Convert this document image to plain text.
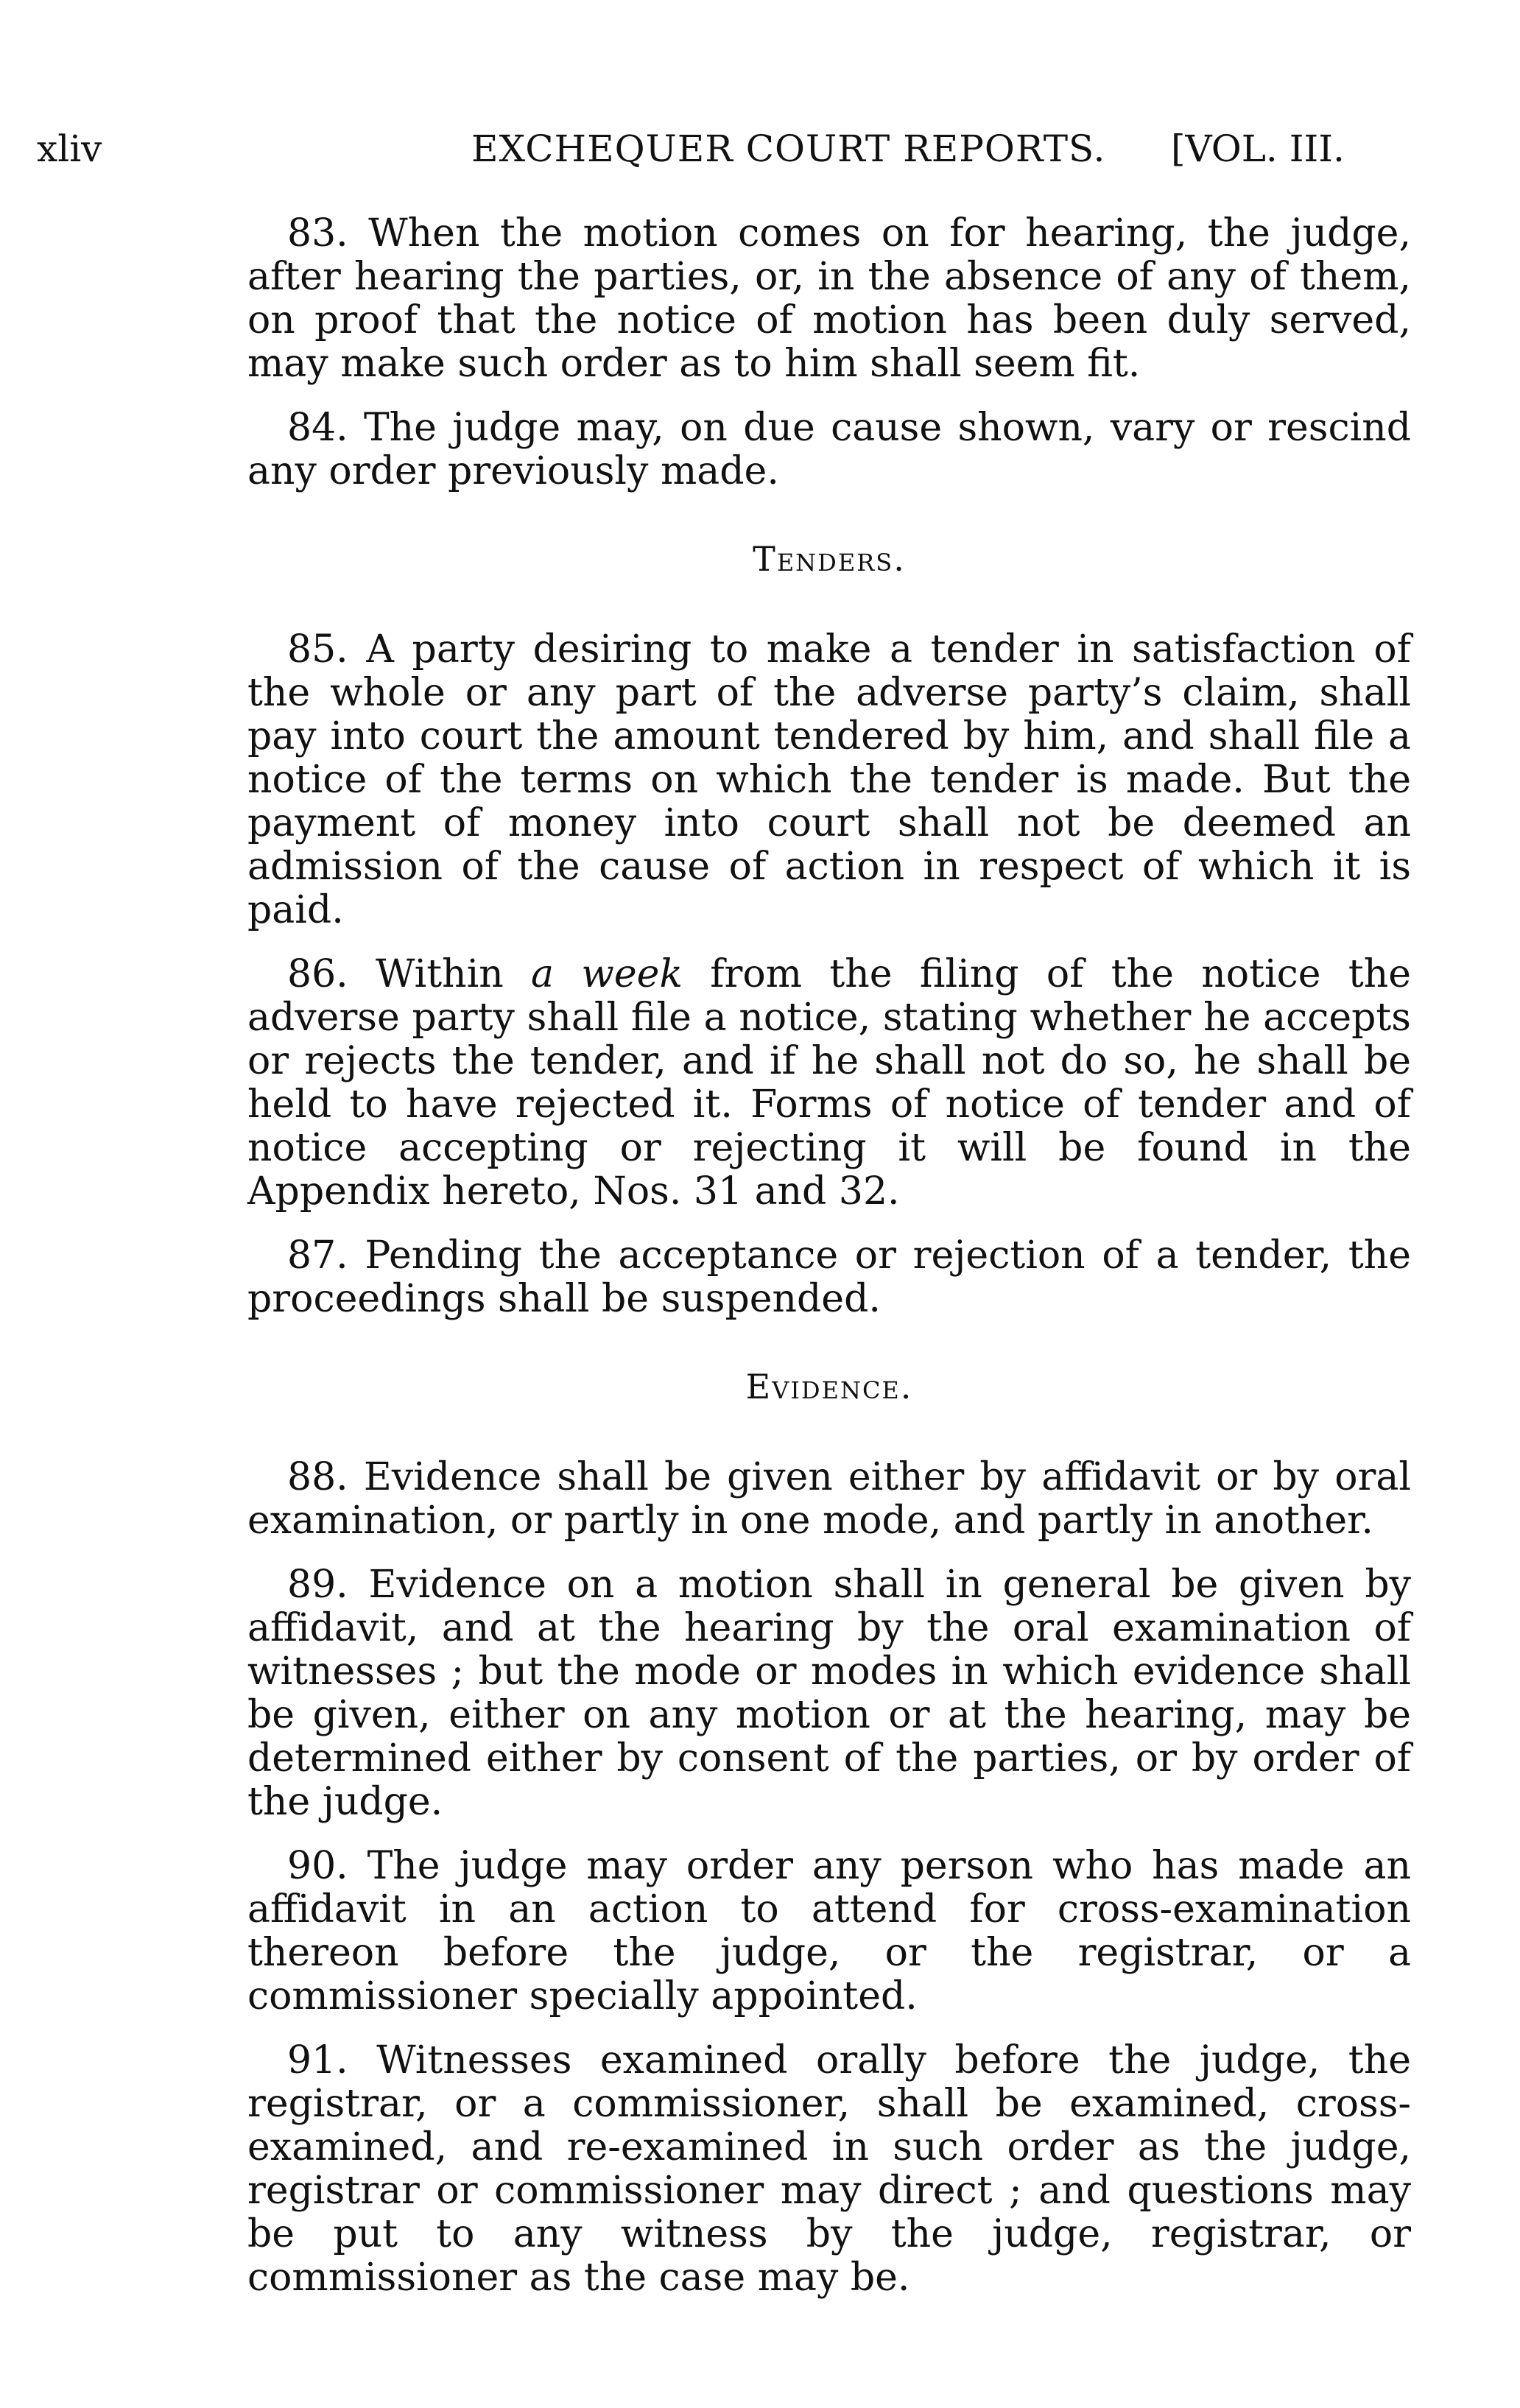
xliv	EXCHEQUER COURT REPORTS. [VOL. III.

83. When the motion comes on for hearing, the judge, after hearing the parties, or, in the absence of any of them, on proof that the notice of motion has been duly served, may make such order as to him shall seem fit.

84. The judge may, on due cause shown, vary or rescind any order previously made.

Tenders.

85. A party desiring to make a tender in satisfaction of the whole or any part of the adverse party’s claim, shall pay into court the amount tendered by him, and shall file a notice of the terms on which the tender is made. But the payment of money into court shall not be deemed an admission of the cause of action in respect of which it is paid.

86. Within a week from the filing of the notice the adverse party shall file a notice, stating whether he accepts or rejects the tender, and if he shall not do so, he shall be held to have rejected it. Forms of notice of tender and of notice accepting or rejecting it will be found in the Appendix hereto, Nos. 31 and 32.

87. Pending the acceptance or rejection of a tender, the proceedings shall be suspended.

Evidence.

88. Evidence shall be given either by affidavit or by oral examination, or partly in one mode, and partly in another.

89. Evidence on a motion shall in general be given by affidavit, and at the hearing by the oral examination of witnesses ; but the mode or modes in which evidence shall be given, either on any motion or at the hearing, may be determined either by consent of the parties, or by order of the judge.

90. The judge may order any person who has made an affidavit in an action to attend for cross-examination thereon before the judge, or the registrar, or a commissioner specially appointed.

91. Witnesses examined orally before the judge, the registrar, or a commissioner, shall be examined, cross-examined, and re-examined in such order as the judge, registrar or commissioner may direct ; and questions may be put to any witness by the judge, registrar, or commissioner as the case may be.
